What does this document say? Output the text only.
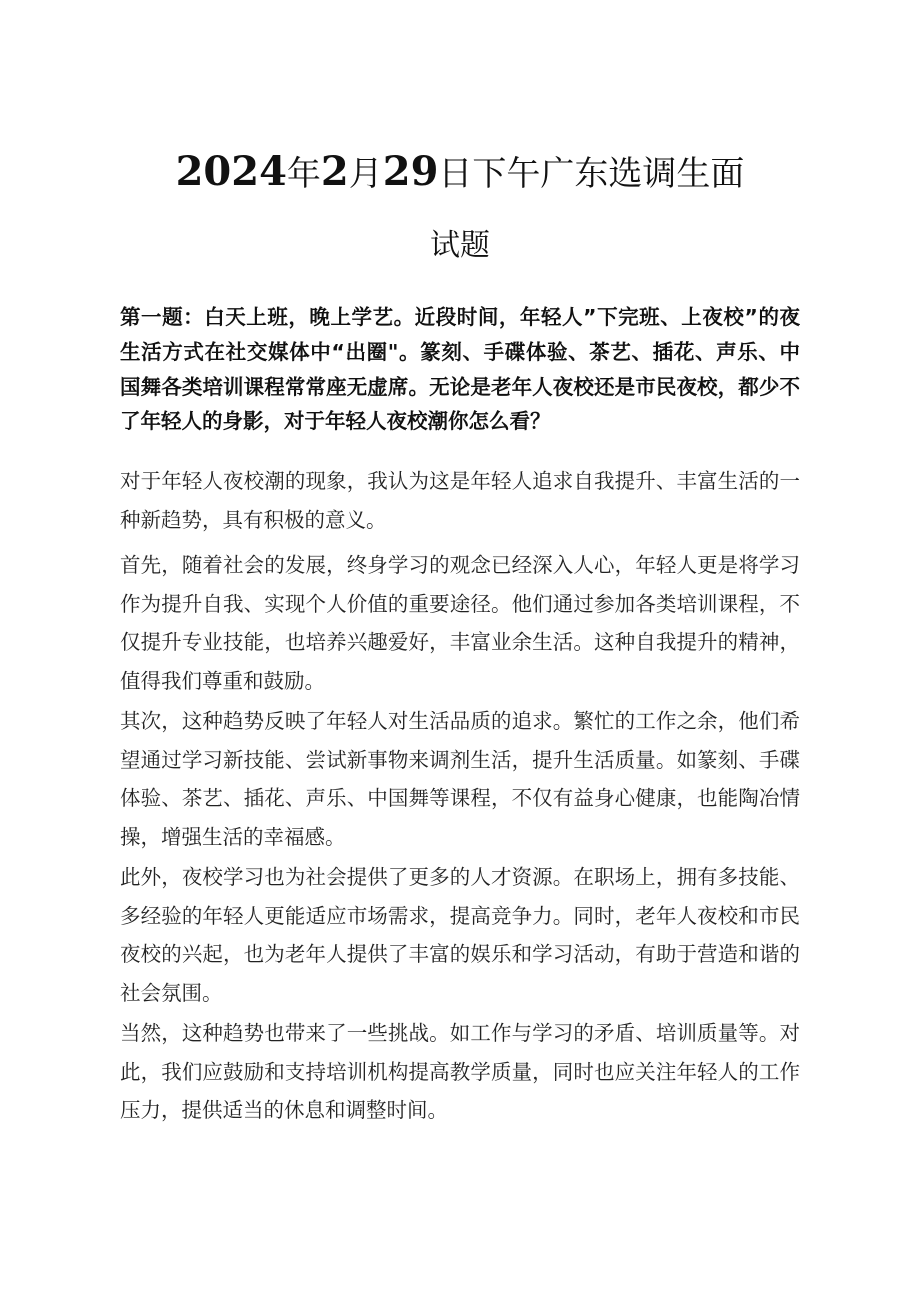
2024年2月29日下午广东选调生面
试题

第一题：白天上班，晚上学艺。近段时间，年轻人”下完班、上夜校”的夜生活方式在社交媒体中“出圈"。篆刻、手碟体验、茶艺、插花、声乐、中国舞各类培训课程常常座无虚席。无论是老年人夜校还是市民夜校，都少不了年轻人的身影，对于年轻人夜校潮你怎么看？

对于年轻人夜校潮的现象，我认为这是年轻人追求自我提升、丰富生活的一种新趋势，具有积极的意义。

首先，随着社会的发展，终身学习的观念已经深入人心，年轻人更是将学习作为提升自我、实现个人价值的重要途径。他们通过参加各类培训课程，不仅提升专业技能，也培养兴趣爱好，丰富业余生活。这种自我提升的精神，值得我们尊重和鼓励。

其次，这种趋势反映了年轻人对生活品质的追求。繁忙的工作之余，他们希望通过学习新技能、尝试新事物来调剂生活，提升生活质量。如篆刻、手碟体验、茶艺、插花、声乐、中国舞等课程，不仅有益身心健康，也能陶冶情操，增强生活的幸福感。

此外，夜校学习也为社会提供了更多的人才资源。在职场上，拥有多技能、多经验的年轻人更能适应市场需求，提高竞争力。同时，老年人夜校和市民夜校的兴起，也为老年人提供了丰富的娱乐和学习活动，有助于营造和谐的社会氛围。

当然，这种趋势也带来了一些挑战。如工作与学习的矛盾、培训质量等。对此，我们应鼓励和支持培训机构提高教学质量，同时也应关注年轻人的工作压力，提供适当的休息和调整时间。
